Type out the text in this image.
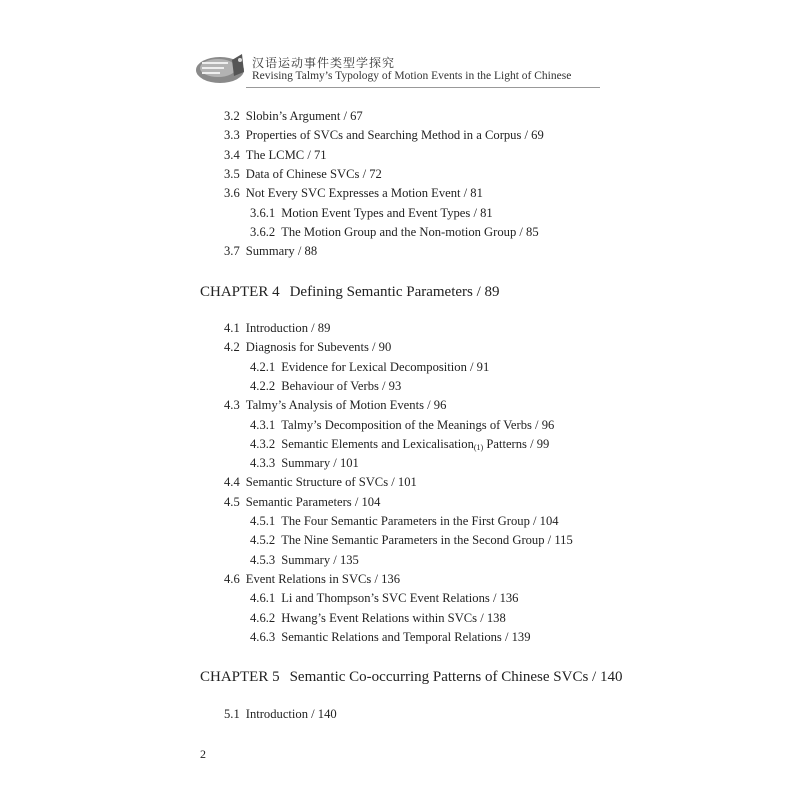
汉语运动事件类型学探究
Revising Talmy’s Typology of Motion Events in the Light of Chinese
3.2 Slobin’s Argument / 67
3.3 Properties of SVCs and Searching Method in a Corpus / 69
3.4 The LCMC / 71
3.5 Data of Chinese SVCs / 72
3.6 Not Every SVC Expresses a Motion Event / 81
3.6.1 Motion Event Types and Event Types / 81
3.6.2 The Motion Group and the Non-motion Group / 85
3.7 Summary / 88
CHAPTER 4 Defining Semantic Parameters / 89
4.1 Introduction / 89
4.2 Diagnosis for Subevents / 90
4.2.1 Evidence for Lexical Decomposition / 91
4.2.2 Behaviour of Verbs / 93
4.3 Talmy’s Analysis of Motion Events / 96
4.3.1 Talmy’s Decomposition of the Meanings of Verbs / 96
4.3.2 Semantic Elements and Lexicalisation$_{(1)}$ Patterns / 99
4.3.3 Summary / 101
4.4 Semantic Structure of SVCs / 101
4.5 Semantic Parameters / 104
4.5.1 The Four Semantic Parameters in the First Group / 104
4.5.2 The Nine Semantic Parameters in the Second Group / 115
4.5.3 Summary / 135
4.6 Event Relations in SVCs / 136
4.6.1 Li and Thompson’s SVC Event Relations / 136
4.6.2 Hwang’s Event Relations within SVCs / 138
4.6.3 Semantic Relations and Temporal Relations / 139
CHAPTER 5 Semantic Co-occurring Patterns of Chinese SVCs / 140
5.1 Introduction / 140
2
